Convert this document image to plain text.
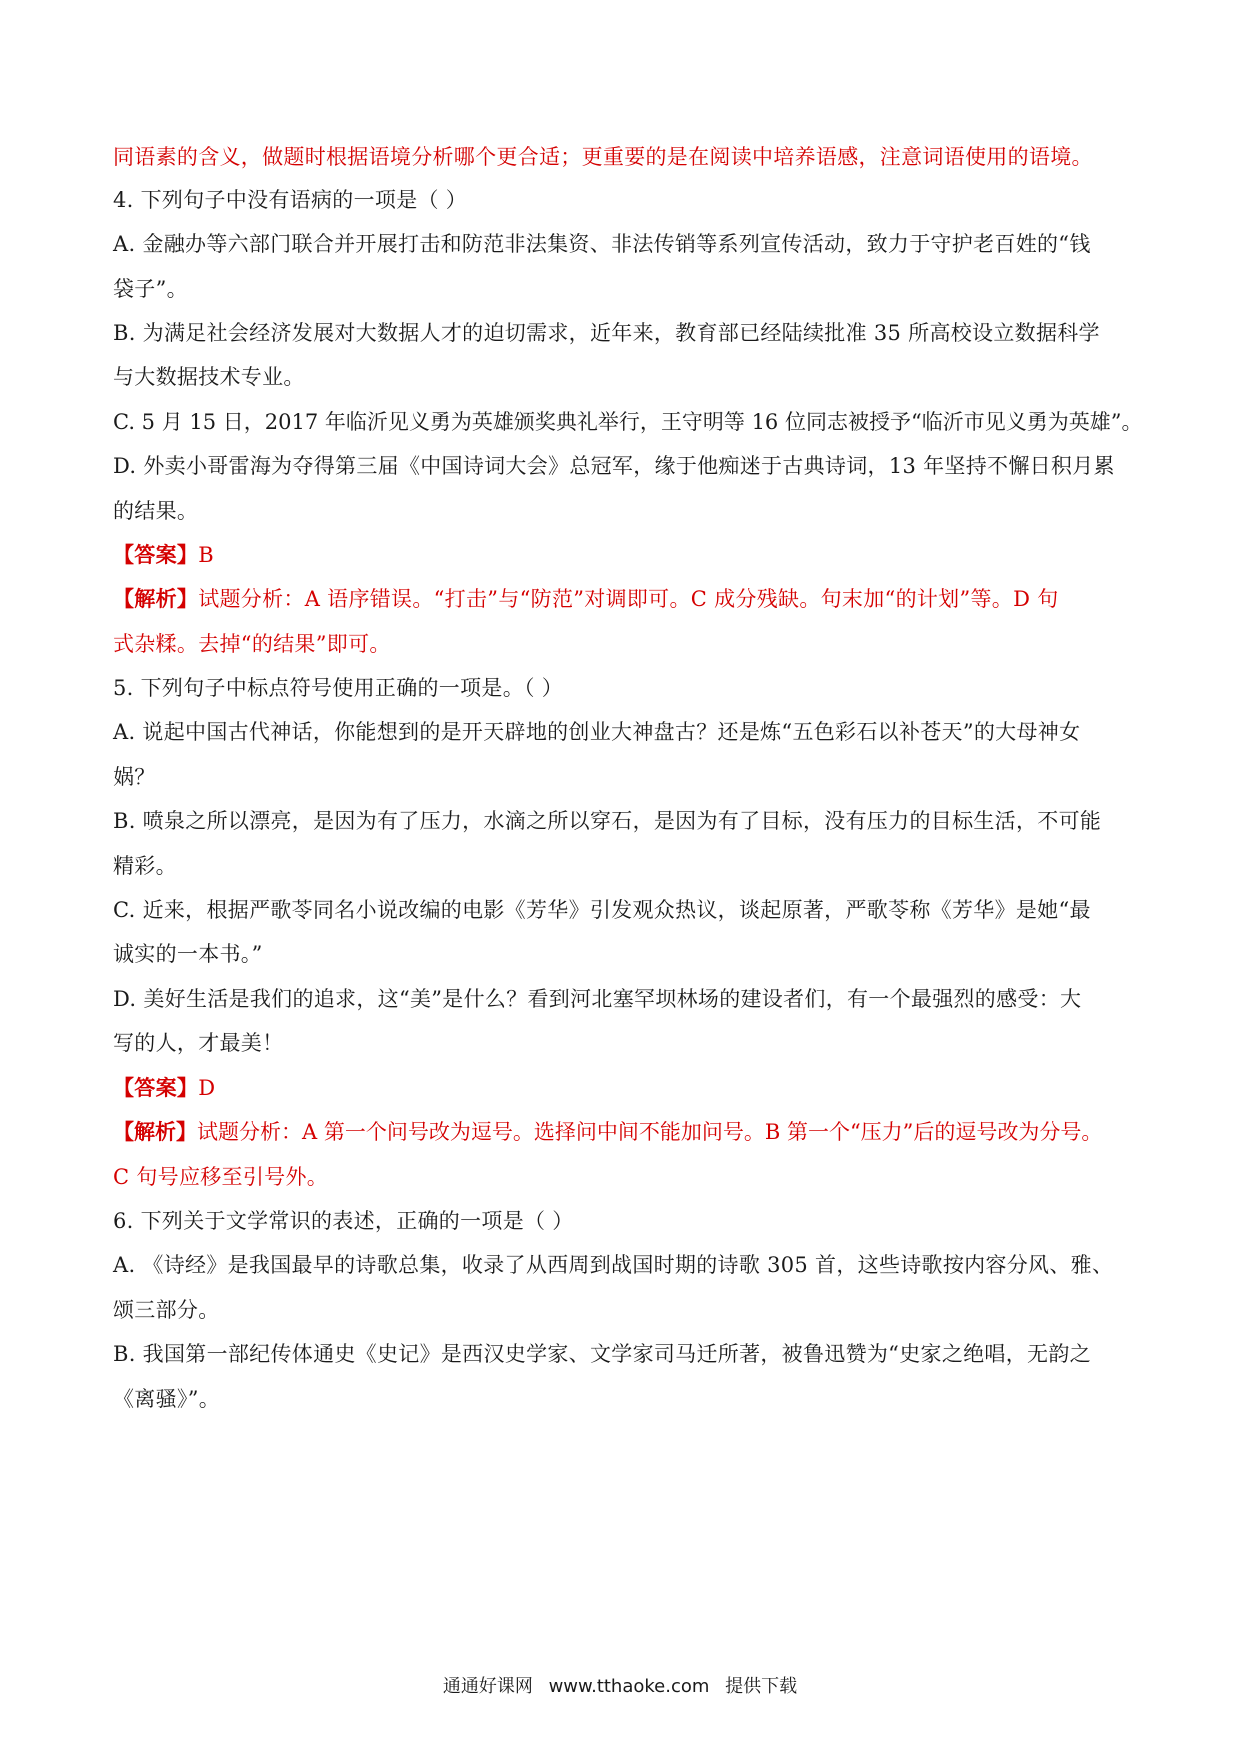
同语素的含义，做题时根据语境分析哪个更合适；更重要的是在阅读中培养语感，注意词语使用的语境。
4. 下列句子中没有语病的一项是（ ）
A. 金融办等六部门联合并开展打击和防范非法集资、非法传销等系列宣传活动，致力于守护老百姓的“钱
袋子”。
B. 为满足社会经济发展对大数据人才的迫切需求，近年来，教育部已经陆续批准 35 所高校设立数据科学
与大数据技术专业。
C. 5 月 15 日，2017 年临沂见义勇为英雄颁奖典礼举行，王守明等 16 位同志被授予“临沂市见义勇为英雄”。
D. 外卖小哥雷海为夺得第三届《中国诗词大会》总冠军，缘于他痴迷于古典诗词，13 年坚持不懈日积月累
的结果。
【答案】B
【解析】试题分析：A 语序错误。“打击”与“防范”对调即可。C 成分残缺。句末加“的计划”等。D 句
式杂糅。去掉“的结果”即可。
5. 下列句子中标点符号使用正确的一项是。（ ）
A. 说起中国古代神话，你能想到的是开天辟地的创业大神盘古？还是炼“五色彩石以补苍天”的大母神女
娲？
B. 喷泉之所以漂亮，是因为有了压力，水滴之所以穿石，是因为有了目标，没有压力的目标生活，不可能
精彩。
C. 近来，根据严歌苓同名小说改编的电影《芳华》引发观众热议，谈起原著，严歌苓称《芳华》是她“最
诚实的一本书。”
D. 美好生活是我们的追求，这“美”是什么？看到河北塞罕坝林场的建设者们，有一个最强烈的感受：大
写的人，才最美！
【答案】D
【解析】试题分析：A 第一个问号改为逗号。选择问中间不能加问号。B 第一个“压力”后的逗号改为分号。
C 句号应移至引号外。
6. 下列关于文学常识的表述，正确的一项是（ ）
A. 《诗经》是我国最早的诗歌总集，收录了从西周到战国时期的诗歌 305 首，这些诗歌按内容分风、雅、
颂三部分。
B. 我国第一部纪传体通史《史记》是西汉史学家、文学家司马迁所著，被鲁迅赞为“史家之绝唱，无韵之
《离骚》”。
通通好课网 www.tthaoke.com 提供下载
